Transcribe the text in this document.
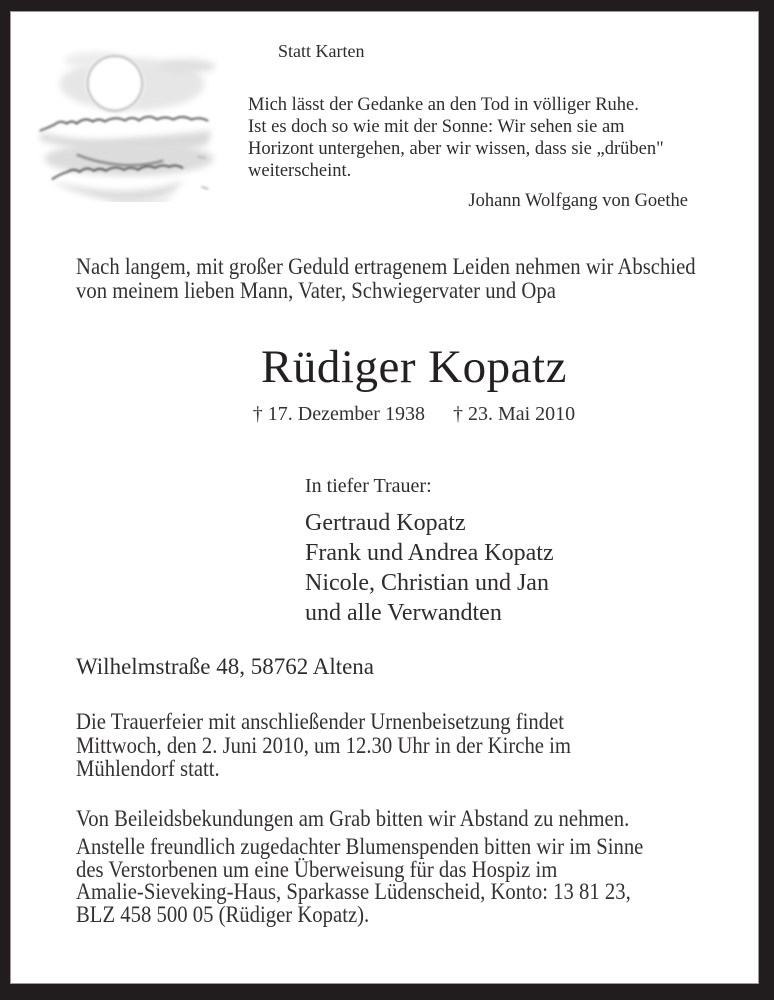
Statt Karten
Mich lässt der Gedanke an den Tod in völliger Ruhe.
Ist es doch so wie mit der Sonne: Wir sehen sie am
Horizont untergehen, aber wir wissen, dass sie „drüben"
weiterscheint.
Johann Wolfgang von Goethe
Nach langem, mit großer Geduld ertragenem Leiden nehmen wir Abschied
von meinem lieben Mann, Vater, Schwiegervater und Opa
Rüdiger Kopatz
† 17. Dezember 1938 † 23. Mai 2010
In tiefer Trauer:
Gertraud Kopatz
Frank und Andrea Kopatz
Nicole, Christian und Jan
und alle Verwandten
Wilhelmstraße 48, 58762 Altena
Die Trauerfeier mit anschließender Urnenbeisetzung findet
Mittwoch, den 2. Juni 2010, um 12.30 Uhr in der Kirche im
Mühlendorf statt.
Von Beileidsbekundungen am Grab bitten wir Abstand zu nehmen.
Anstelle freundlich zugedachter Blumenspenden bitten wir im Sinne
des Verstorbenen um eine Überweisung für das Hospiz im
Amalie-Sieveking-Haus, Sparkasse Lüdenscheid, Konto: 13 81 23,
BLZ 458 500 05 (Rüdiger Kopatz).
